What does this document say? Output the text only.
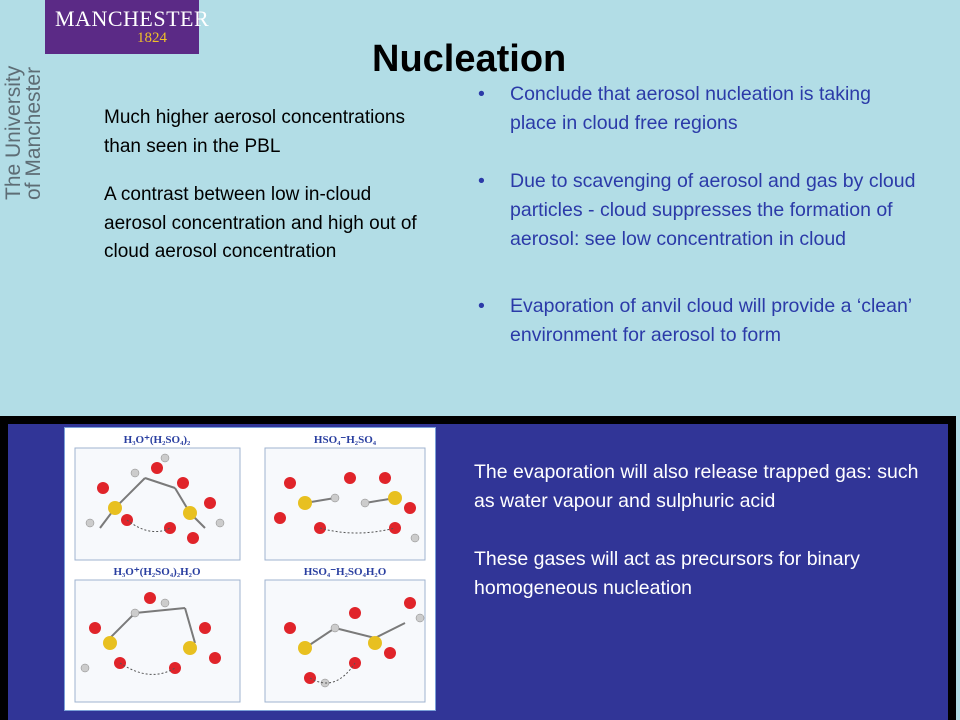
MANCHESTER
1824
The University
of Manchester
Nucleation

Much higher aerosol concentrations than seen in the PBL

A contrast between low in-cloud aerosol concentration and high out of cloud aerosol concentration

• Conclude that aerosol nucleation is taking place in cloud free regions
• Due to scavenging of aerosol and gas by cloud particles - cloud suppresses the formation of aerosol: see low concentration in cloud
• Evaporation of anvil cloud will provide a ‘clean’ environment for aerosol to form
H₃O⁺(H₂SO₄)₂	HSO₄⁻H₂SO₄
H₃O⁺(H₂SO₄)₂H₂O	HSO₄⁻H₂SO₄H₂O

The evaporation will also release trapped gas: such as water vapour and sulphuric acid

These gases will act as precursors for binary homogeneous nucleation
